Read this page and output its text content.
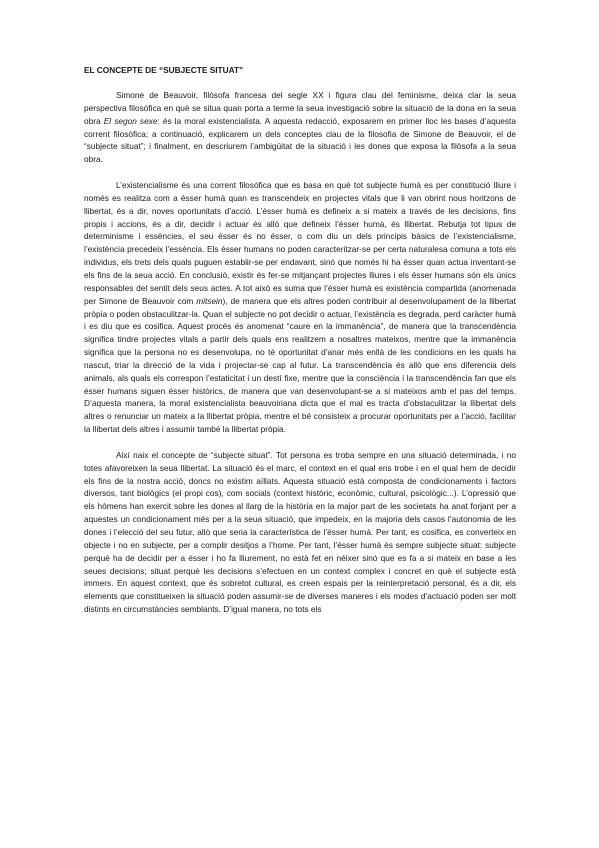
EL CONCEPTE DE “SUBJECTE SITUAT”

Simone de Beauvoir, filòsofa francesa del segle XX i figura clau del feminisme, deixa clar la seua perspectiva filosòfica en què se situa quan porta a terme la seua investigació sobre la situació de la dona en la seua obra El segon sexe: és la moral existencialista. A aquesta redacció, exposarem en primer lloc les bases d’aquesta corrent filosòfica; a continuació, explicarem un dels conceptes clau de la filosofia de Simone de Beauvoir, el de “subjecte situat”; i finalment, en descriurem l’ambigüitat de la situació i les dones que exposa la filòsofa a la seua obra.

L’existencialisme és una corrent filosòfica que es basa en què tot subjecte humà es per constitució lliure i només es realitza com a ésser humà quan es transcendeix en projectes vitals que li van obrint nous horitzons de llibertat, és a dir, noves oportunitats d’acció. L’ésser humà es defineix a si mateix a través de les decisions, fins propis i accions, és a dir, decidir i actuar és allò que defineix l’ésser humà, és llibertat. Rebutja tot tipus de determinisme i essències, el seu ésser és no ésser, o com diu un dels principis bàsics de l’existencialisme, l’existència precedeix l’essència. Els ésser humans no poden caracteritzar-se per certa naturalesa comuna a tots els individus, els trets dels quals puguen establir-se per endavant, sinó que només hi ha ésser quan actua inventant-se els fins de la seua acció. En conclusió, existir és fer-se mitjançant projectes lliures i els ésser humans són els únics responsables del sentit dels seus actes. A tot això es suma que l’ésser humà es existència compartida (anomenada per Simone de Beauvoir com mitsein), de manera que els altres poden contribuir al desenvolupament de la llibertat pròpia o poden obstaculitzar-la. Quan el subjecte no pot decidir o actuar, l’existència es degrada, perd caràcter humà i es diu que es cosifica. Aquest procés és anomenat “caure en la immanència”, de manera que la transcendència significa tindre projectes vitals a partir dels quals ens realitzem a nosaltres mateixos, mentre que la immanència significa que la persona no es desenvolupa, no té oportunitat d’anar més enllà de les condicions en les quals ha nascut, triar la direcció de la vida i projectar-se cap al futur. La transcendència és allò que ens diferencia dels animals, als quals els correspon l’estaticitat i un destí fixe, mentre que la consciència i la transcendència fan que els ésser humans siguen ésser històrics, de manera que van desenvolupant-se a si mateixos amb el pas del temps. D’aquesta manera, la moral existencialista beauvoiriana dicta que el mal es tracta d’obstaculitzar la llibertat dels altres o renunciar un mateix a la llibertat pròpia, mentre el bé consisteix a procurar oportunitats per a l’acció, facilitar la llibertat dels altres i assumir també la llibertat pròpia.

Així naix el concepte de “subjecte situat”. Tot persona es troba sempre en una situació determinada, i no totes afavoreixen la seua llibertat. La situació és el marc, el context en el qual ens trobe i en el qual hem de decidir els fins de la nostra acció, doncs no existim aïllats. Aquesta situació està composta de condicionaments i factors diversos, tant biològics (el propi cos), com socials (context històric, econòmic, cultural, psicològic...). L’opressió que els hòmens han exercit sobre les dones al llarg de la història en la major part de les societats ha anat forjant per a aquestes un condicionament més per a la seua situació, que impedeix, en la majoria dels casos l’autonomia de les dones i l’elecció del seu futur, allò que seria la característica de l’ésser humà. Per tant, es cosifica, es converteix en objecte i no en subjecte, per a complir desitjos a l’home. Per tant, l’ésser humà és sempre subjecte situat: subjecte perquè ha de decidir per a ésser i ho fa lliurement, no està fet en néixer sinó que es fa a si mateix en base a les seues decisions; situat perquè les decisions s’efectuen en un context complex i concret en què el subjecte està immers. En aquest context, que és sobretot cultural, es creen espais per la reinterpretació personal, és a dir, els elements que constitueixen la situació poden assumir-se de diverses maneres i els modes d’actuació poden ser molt distints en circumstàncies semblants. D’igual manera, no tots els
